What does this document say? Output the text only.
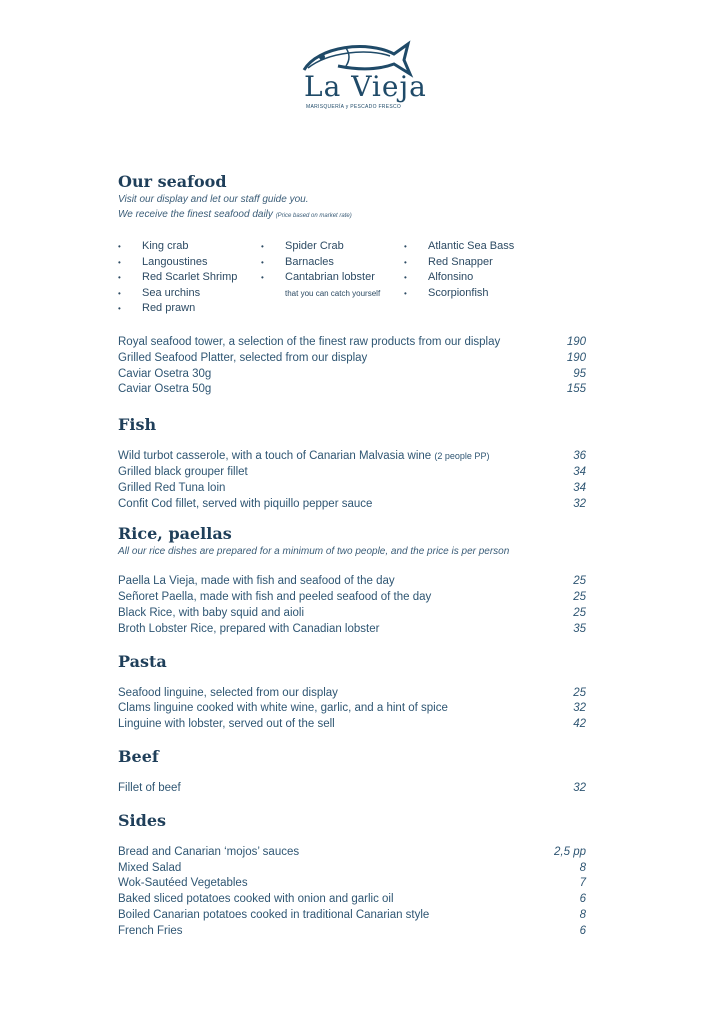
La Vieja
MARISQUERÍA y PESCADO FRESCO
Our seafood
Visit our display and let our staff guide you.
We receive the finest seafood daily (Price based on market rate)
• King crab
• Langoustines
• Red Scarlet Shrimp
• Sea urchins
• Red prawn
• Spider Crab
• Barnacles
• Cantabrian lobster
that you can catch yourself
• Atlantic Sea Bass
• Red Snapper
• Alfonsino
• Scorpionfish
Royal seafood tower, a selection of the finest raw products from our display	190
Grilled Seafood Platter, selected from our display	190
Caviar Osetra 30g	95
Caviar Osetra 50g	155
Fish
Wild turbot casserole, with a touch of Canarian Malvasia wine (2 people PP)	36
Grilled black grouper fillet	34
Grilled Red Tuna loin	34
Confit Cod fillet, served with piquillo pepper sauce	32
Rice, paellas
All our rice dishes are prepared for a minimum of two people, and the price is per person
Paella La Vieja, made with fish and seafood of the day	25
Señoret Paella, made with fish and peeled seafood of the day	25
Black Rice, with baby squid and aioli	25
Broth Lobster Rice, prepared with Canadian lobster	35
Pasta
Seafood linguine, selected from our display	25
Clams linguine cooked with white wine, garlic, and a hint of spice	32
Linguine with lobster, served out of the sell	42
Beef
Fillet of beef	32
Sides
Bread and Canarian ‘mojos’ sauces	2,5 pp
Mixed Salad	8
Wok-Sautéed Vegetables	7
Baked sliced potatoes cooked with onion and garlic oil	6
Boiled Canarian potatoes cooked in traditional Canarian style	8
French Fries	6
